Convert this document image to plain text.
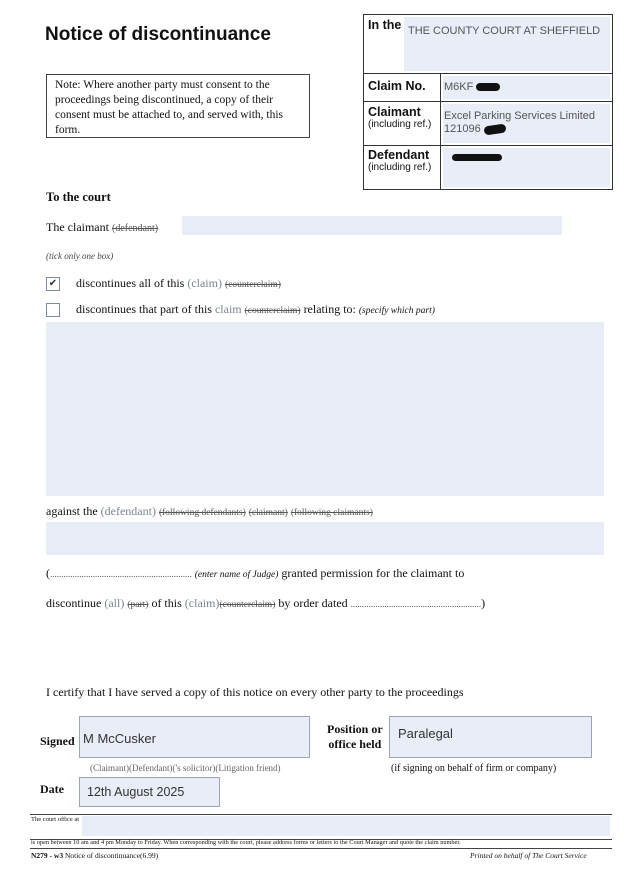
Notice of discontinuance
Note: Where another party must consent to the proceedings being discontinued, a copy of their consent must be attached to, and served with, this form.
In the THE COUNTY COURT AT SHEFFIELD
Claim No. M6KF
Claimant
(including ref.)
Excel Parking Services Limited
121096
Defendant
(including ref.)
To the court
The claimant (defendant)
(tick only one box)
✔ discontinues all of this (claim) (counterclaim)
discontinues that part of this claim (counterclaim) relating to: (specify which part)
against the (defendant) (following defendants) (claimant) (following claimants)
(............................................................... (enter name of Judge) granted permission for the claimant to
discontinue (all) (part) of this (claim)(counterclaim) by order dated ..........................................................)
I certify that I have served a copy of this notice on every other party to the proceedings
Signed M McCusker
(Claimant)(Defendant)('s solicitor)(Litigation friend)
Position or
office held
Paralegal
(if signing on behalf of firm or company)
Date 12th August 2025
The court office at
is open between 10 am and 4 pm Monday to Friday. When corresponding with the court, please address forms or letters to the Court Manager and quote the claim number.
N279 - w3 Notice of discontinuance(6.99)	Printed on behalf of The Court Service
